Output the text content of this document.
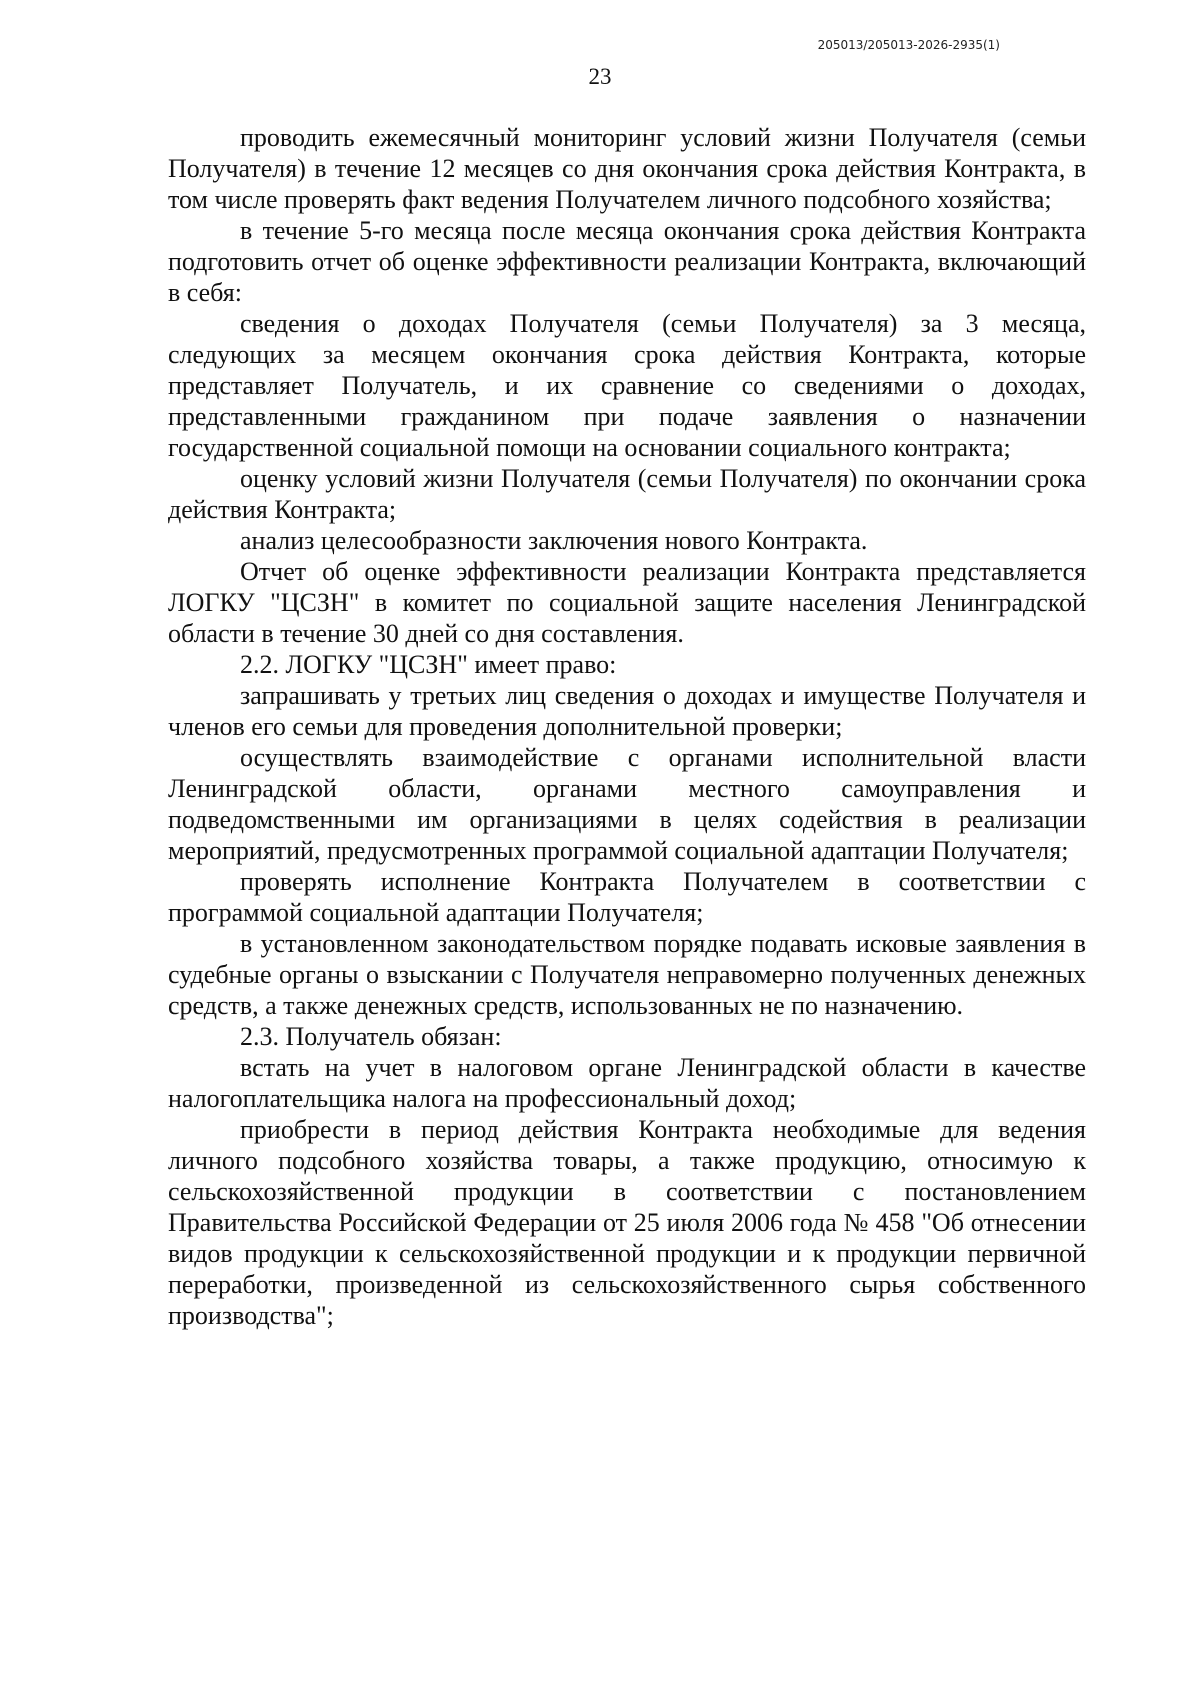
205013/205013-2026-2935(1)
23

проводить ежемесячный мониторинг условий жизни Получателя (семьи Получателя) в течение 12 месяцев со дня окончания срока действия Контракта, в том числе проверять факт ведения Получателем личного подсобного хозяйства;

в течение 5-го месяца после месяца окончания срока действия Контракта подготовить отчет об оценке эффективности реализации Контракта, включающий в себя:

сведения о доходах Получателя (семьи Получателя) за 3 месяца, следующих за месяцем окончания срока действия Контракта, которые представляет Получатель, и их сравнение со сведениями о доходах, представленными гражданином при подаче заявления о назначении государственной социальной помощи на основании социального контракта;

оценку условий жизни Получателя (семьи Получателя) по окончании срока действия Контракта;

анализ целесообразности заключения нового Контракта.

Отчет об оценке эффективности реализации Контракта представляется ЛОГКУ "ЦСЗН" в комитет по социальной защите населения Ленинградской области в течение 30 дней со дня составления.

2.2. ЛОГКУ "ЦСЗН" имеет право:

запрашивать у третьих лиц сведения о доходах и имуществе Получателя и членов его семьи для проведения дополнительной проверки;

осуществлять взаимодействие с органами исполнительной власти Ленинградской области, органами местного самоуправления и подведомственными им организациями в целях содействия в реализации мероприятий, предусмотренных программой социальной адаптации Получателя;

проверять исполнение Контракта Получателем в соответствии с программой социальной адаптации Получателя;

в установленном законодательством порядке подавать исковые заявления в судебные органы о взыскании с Получателя неправомерно полученных денежных средств, а также денежных средств, использованных не по назначению.

2.3. Получатель обязан:

встать на учет в налоговом органе Ленинградской области в качестве налогоплательщика налога на профессиональный доход;

приобрести в период действия Контракта необходимые для ведения личного подсобного хозяйства товары, а также продукцию, относимую к сельскохозяйственной продукции в соответствии с постановлением Правительства Российской Федерации от 25 июля 2006 года № 458 "Об отнесении видов продукции к сельскохозяйственной продукции и к продукции первичной переработки, произведенной из сельскохозяйственного сырья собственного производства";
